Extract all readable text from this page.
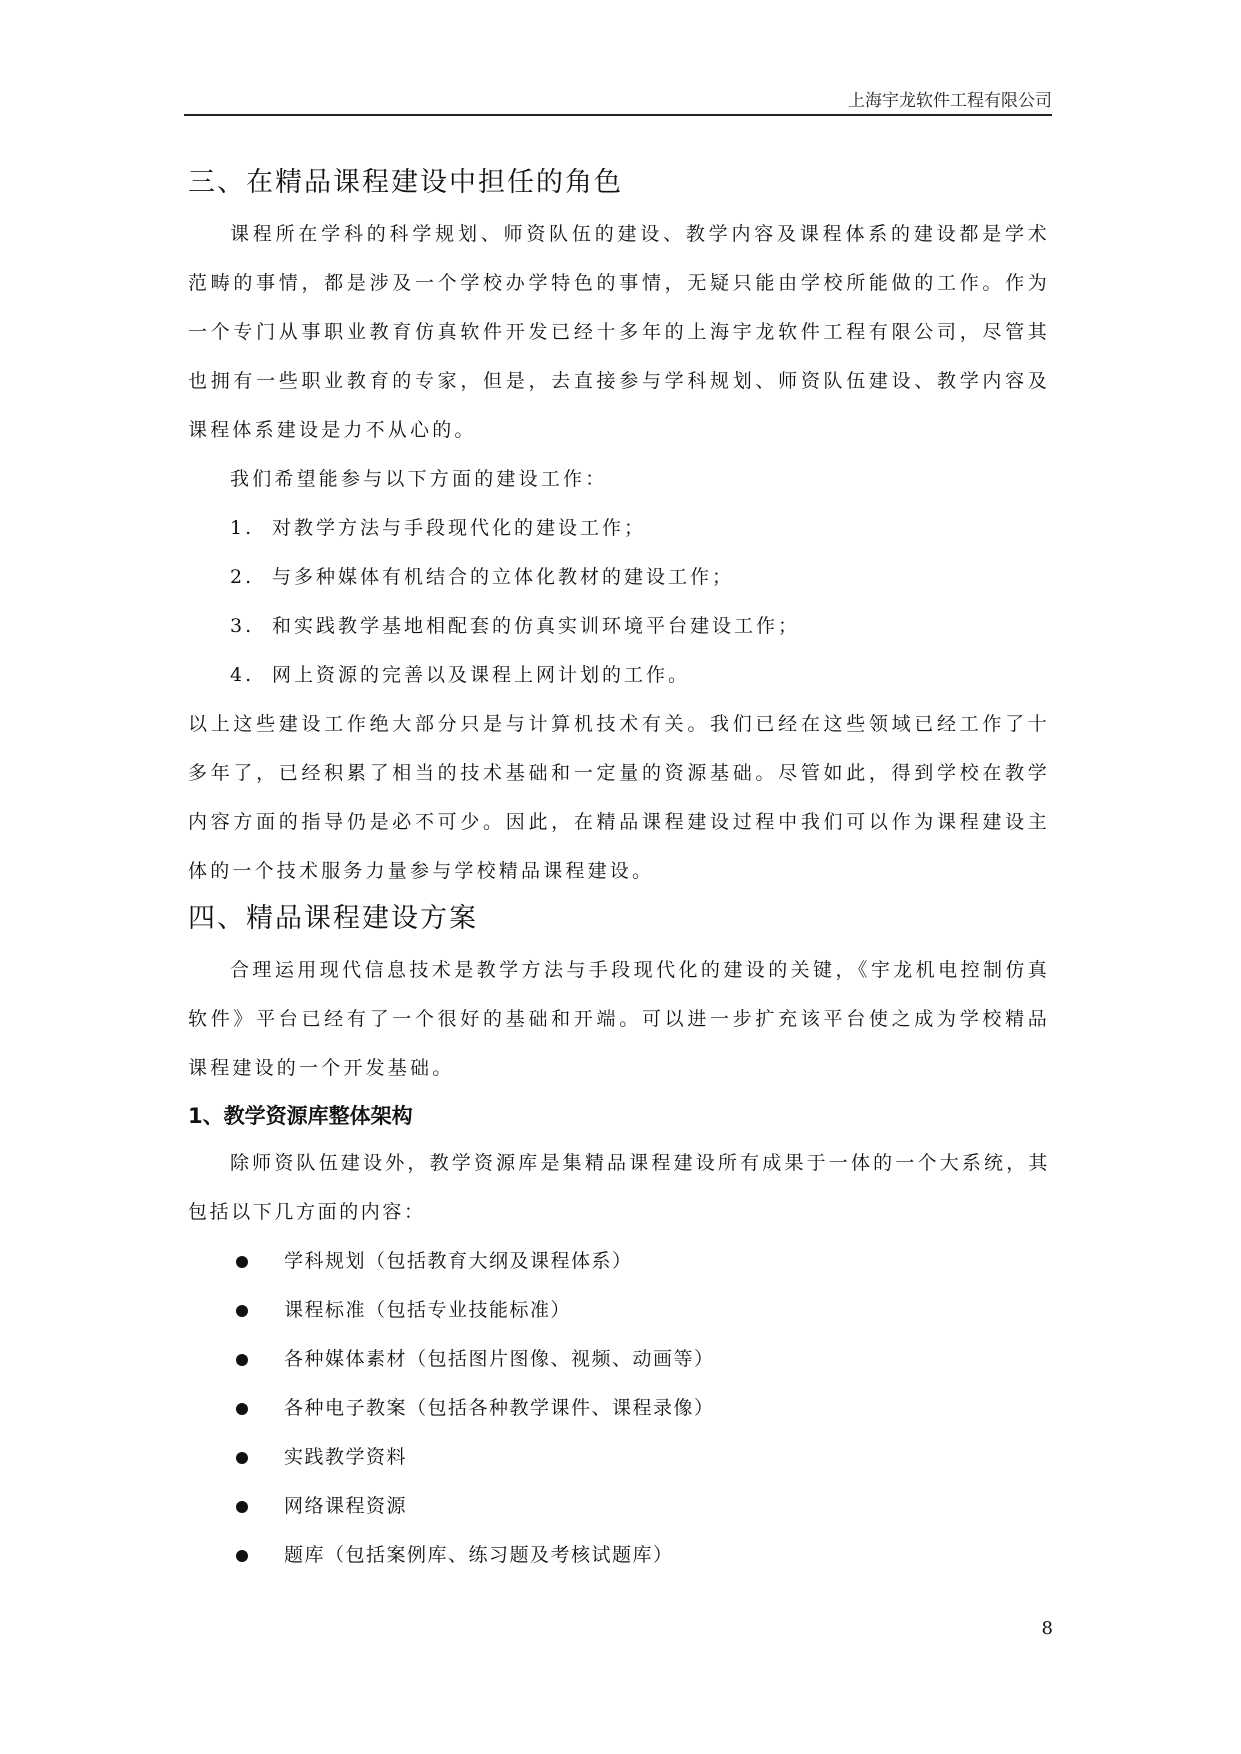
上海宇龙软件工程有限公司
三、在精品课程建设中担任的角色

课程所在学科的科学规划、师资队伍的建设、教学内容及课程体系的建设都是学术范畴的事情，都是涉及一个学校办学特色的事情，无疑只能由学校所能做的工作。作为一个专门从事职业教育仿真软件开发已经十多年的上海宇龙软件工程有限公司，尽管其也拥有一些职业教育的专家，但是，去直接参与学科规划、师资队伍建设、教学内容及课程体系建设是力不从心的。

我们希望能参与以下方面的建设工作：

1. 对教学方法与手段现代化的建设工作；
2. 与多种媒体有机结合的立体化教材的建设工作；
3. 和实践教学基地相配套的仿真实训环境平台建设工作；
4. 网上资源的完善以及课程上网计划的工作。

以上这些建设工作绝大部分只是与计算机技术有关。我们已经在这些领域已经工作了十多年了，已经积累了相当的技术基础和一定量的资源基础。尽管如此，得到学校在教学内容方面的指导仍是必不可少。因此，在精品课程建设过程中我们可以作为课程建设主体的一个技术服务力量参与学校精品课程建设。

四、精品课程建设方案

合理运用现代信息技术是教学方法与手段现代化的建设的关键，《宇龙机电控制仿真软件》平台已经有了一个很好的基础和开端。可以进一步扩充该平台使之成为学校精品课程建设的一个开发基础。

1、教学资源库整体架构

除师资队伍建设外，教学资源库是集精品课程建设所有成果于一体的一个大系统，其包括以下几方面的内容：

学科规划（包括教育大纲及课程体系）
课程标准（包括专业技能标准）
各种媒体素材（包括图片图像、视频、动画等）
各种电子教案（包括各种教学课件、课程录像）
实践教学资料
网络课程资源
题库（包括案例库、练习题及考核试题库）
8
